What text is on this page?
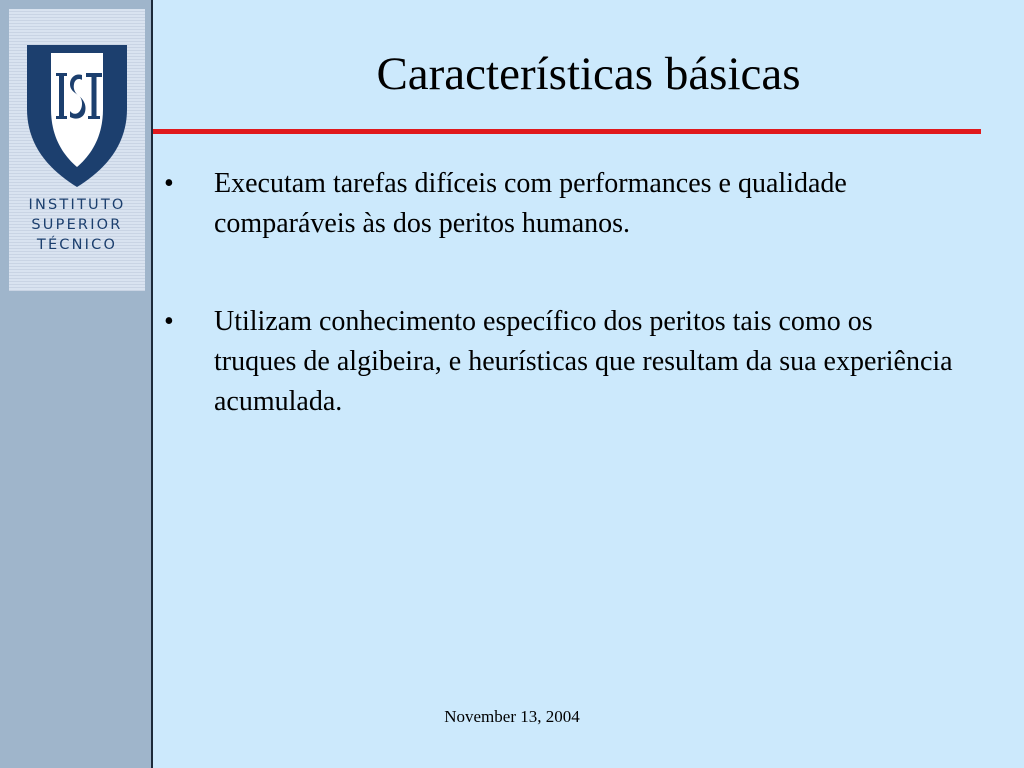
INSTITUTO
SUPERIOR
TÉCNICO
Características básicas
• Executam tarefas difíceis com performances e qualidade comparáveis às dos peritos humanos.
• Utilizam conhecimento específico dos peritos tais como os truques de algibeira, e heurísticas que resultam da sua experiência acumulada.
November 13, 2004
